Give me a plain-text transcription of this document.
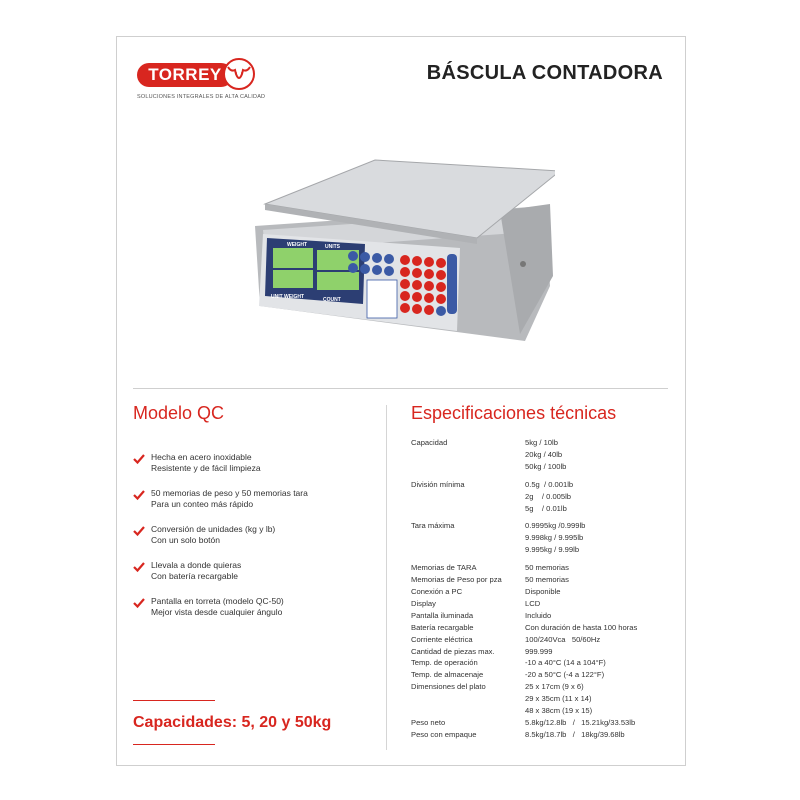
TORREY
SOLUCIONES INTEGRALES DE ALTA CALIDAD
BÁSCULA CONTADORA
WEIGHT	UNITS
UNIT WEIGHT	COUNT
Modelo QC
Hecha en acero inoxidable
Resistente y de fácil limpieza
50 memorias de peso y 50 memorias tara
Para un conteo más rápido
Conversión de unidades (kg y lb)
Con un solo botón
Llevala a donde quieras
Con batería recargable
Pantalla en torreta (modelo QC-50)
Mejor vista desde cualquier ángulo
Capacidades: 5, 20 y 50kg
Especificaciones técnicas
Capacidad	5kg / 10lb
20kg / 40lb
50kg / 100lb
División mínima	0.5g  / 0.001lb
2g    / 0.005lb
5g    / 0.01lb
Tara máxima	0.9995kg /0.999lb
9.998kg / 9.995lb
9.995kg / 9.99lb
Memorias de TARA	50 memorias
Memorias de Peso por pza	50 memorias
Conexión a PC	Disponible
Display	LCD
Pantalla iluminada	Incluido
Batería recargable	Con duración de hasta 100 horas
Corriente eléctrica	100/240Vca   50/60Hz
Cantidad de piezas max.	999.999
Temp. de operación	-10 a 40°C (14 a 104°F)
Temp. de almacenaje	-20 a 50°C (-4 a 122°F)
Dimensiones del plato	25 x 17cm (9 x 6)
29 x 35cm (11 x 14)
48 x 38cm (19 x 15)
Peso neto	5.8kg/12.8lb   /   15.21kg/33.53lb
Peso con empaque	8.5kg/18.7lb   /   18kg/39.68lb
